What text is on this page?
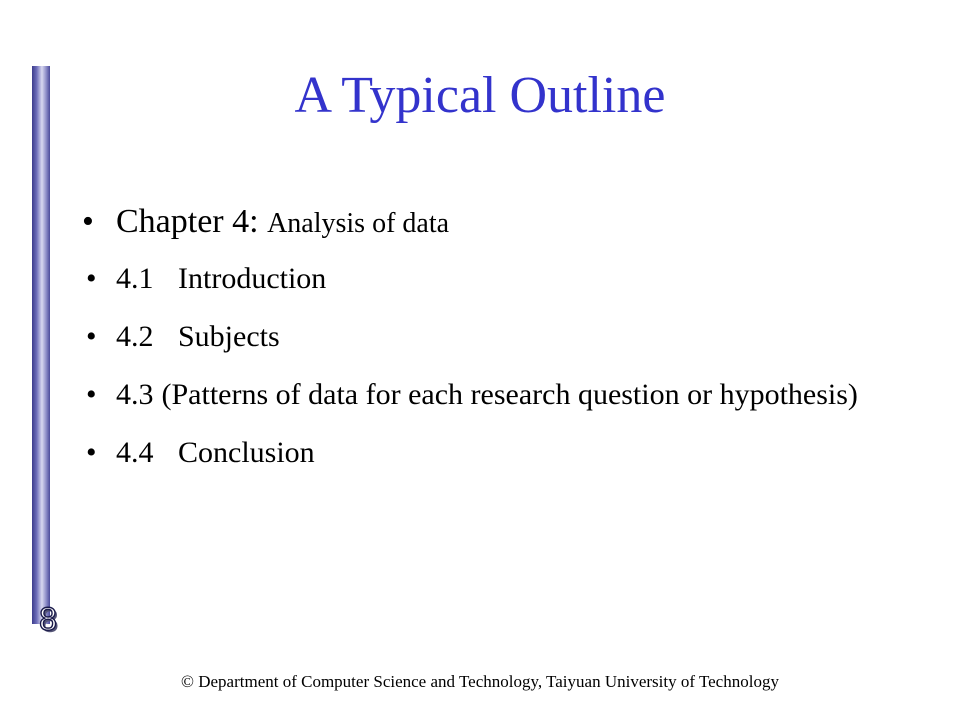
8
A Typical Outline
• Chapter 4: Analysis of data
• 4.1 Introduction
• 4.2 Subjects
• 4.3 (Patterns of data for each research question or hypothesis)
• 4.4 Conclusion
© Department of Computer Science and Technology, Taiyuan University of Technology
